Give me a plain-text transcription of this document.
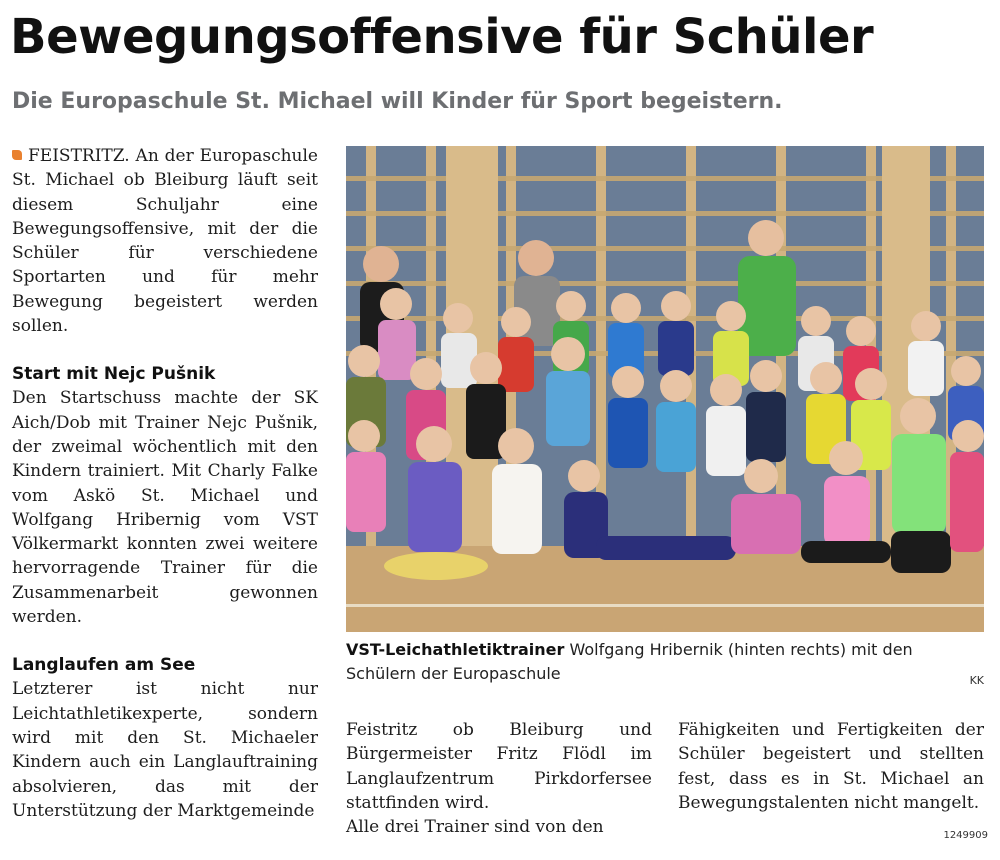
Bewegungsoffensive für Schüler
Die Europaschule St. Michael will Kinder für Sport begeistern.

FEISTRITZ. An der Europaschule St. Michael ob Bleiburg läuft seit diesem Schuljahr eine Bewegungsoffensive, mit der die Schüler für verschiedene Sportarten und für mehr Bewegung begeistert werden sollen.

Start mit Nejc Pušnik

Den Startschuss machte der SK Aich/Dob mit Trainer Nejc Pušnik, der zweimal wöchentlich mit den Kindern trainiert. Mit Charly Falke vom Askö St. Michael und Wolfgang Hribernig vom VST Völkermarkt konnten zwei weitere hervorragende Trainer für die Zusammenarbeit gewonnen werden.

Langlaufen am See

Letzterer ist nicht nur Leichtathletikexperte, sondern wird mit den St. Michaeler Kindern auch ein Langlauftraining absolvieren, das mit der Unterstützung der Marktgemeinde

VST-Leichathletiktrainer Wolfgang Hribernik (hinten rechts) mit den Schülern der Europaschule	KK

Feistritz ob Bleiburg und Bürgermeister Fritz Flödl im Langlaufzentrum Pirkdorfersee stattfinden wird.

Alle drei Trainer sind von den

Fähigkeiten und Fertigkeiten der Schüler begeistert und stellten fest, dass es in St. Michael an Bewegungstalenten nicht mangelt.

1249909
